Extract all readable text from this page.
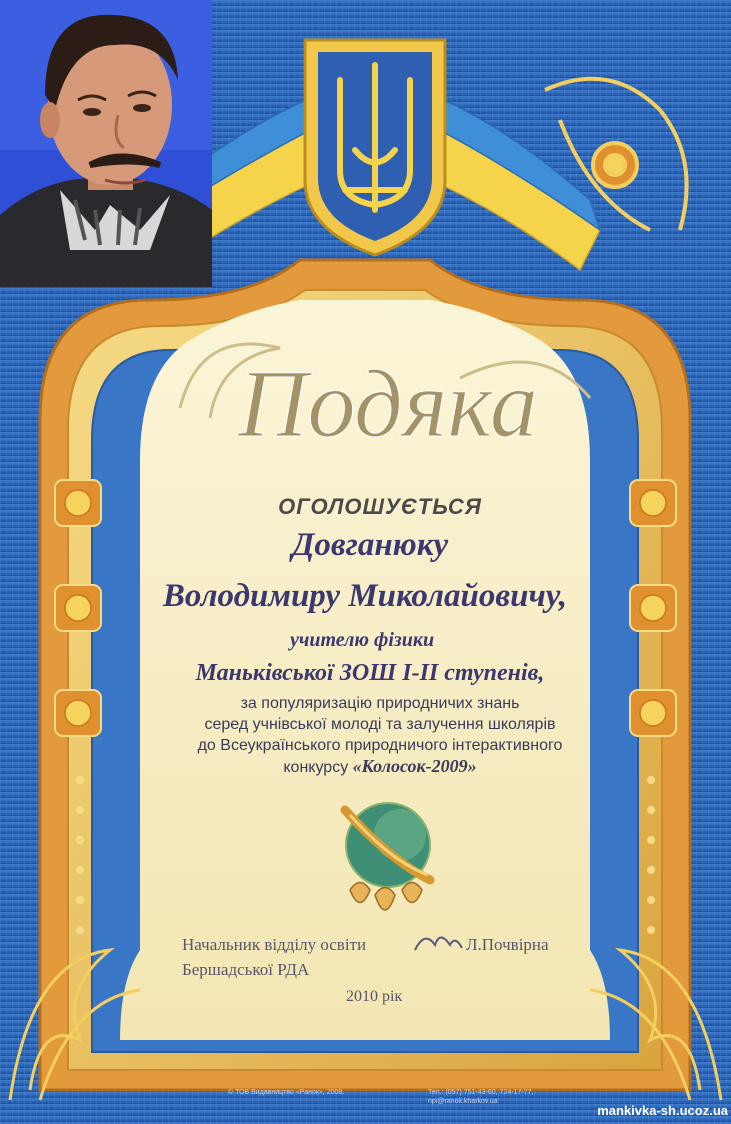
Подяка
ОГОЛОШУЄТЬСЯ
Довганюку
Володимиру Миколайовичу,
учителю фізики
Маньківської ЗОШ І-ІІ ступенів,
за популяризацію природничих знань
серед учнівської молоді та залучення школярів
до Всеукраїнського природничого інтерактивного
конкурсу «Колосок-2009»
Начальник відділу освіти
Бершадської РДА
Л.Почвірна
2010 рік
© ТОВ Видавництво «Ранок», 2008.	Тел.: (057) 751-43-60, 724-17-77,
npi@ranok.kharkov.ua
mankivka-sh.ucoz.ua
